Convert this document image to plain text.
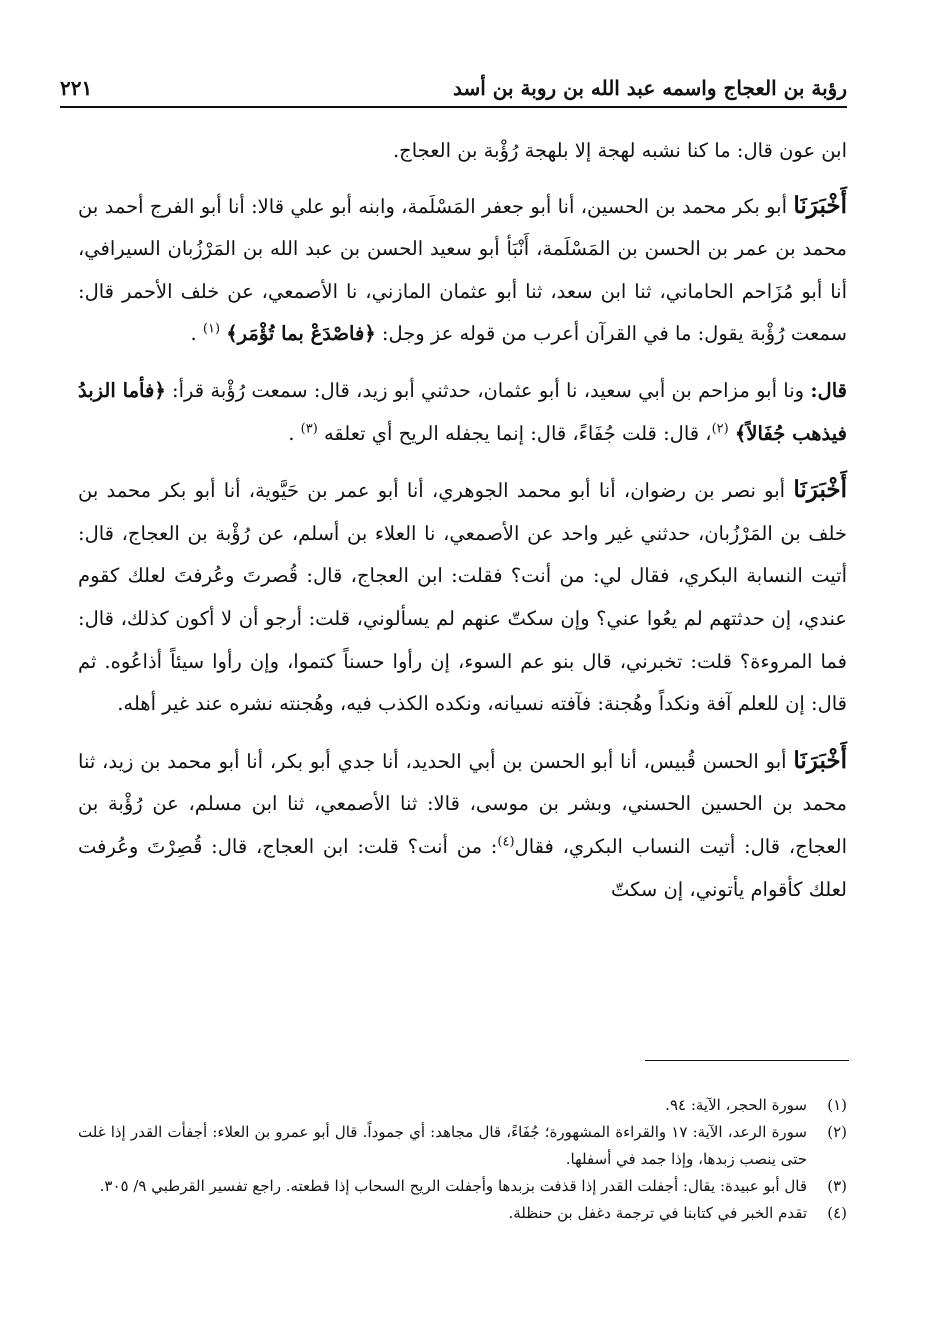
رؤبة بن العجاج واسمه عبد الله بن روبة بن أسد
٢٢١

ابن عون قال: ما كنا نشبه لهجة إلا بلهجة رُؤْبة بن العجاج.

أَخْبَرَنَا أبو بكر محمد بن الحسين، أنا أبو جعفر المَسْلَمة، وابنه أبو علي قالا: أنا أبو الفرج أحمد بن محمد بن عمر بن الحسن بن المَسْلَمة، أَنْبَأ أبو سعيد الحسن بن عبد الله بن المَرْزُبان السيرافي، أنا أبو مُزَاحم الحاماني، ثنا ابن سعد، ثنا أبو عثمان المازني، نا الأصمعي، عن خلف الأحمر قال: سمعت رُؤْبة يقول: ما في القرآن أعرب من قوله عز وجل: ﴿فاصْدَعْ بما تُؤْمَر﴾ $^{(١)}$ .

قال: ونا أبو مزاحم بن أبي سعيد، نا أبو عثمان، حدثني أبو زيد، قال: سمعت رُؤْبة قرأ: ﴿فأما الزبدُ فيذهب جُفَالاً﴾ $^{(٢)}$، قال: قلت جُفَاءً، قال: إنما يجفله الريح أي تعلقه $^{(٣)}$ .

أَخْبَرَنَا أبو نصر بن رضوان، أنا أبو محمد الجوهري، أنا أبو عمر بن حَيَّوية، أنا أبو بكر محمد بن خلف بن المَرْزُبان، حدثني غير واحد عن الأصمعي، نا العلاء بن أسلم، عن رُؤْبة بن العجاج، قال: أتيت النسابة البكري، فقال لي: من أنت؟ فقلت: ابن العجاج، قال: قُصرتَ وعُرفتَ لعلك كقوم عندي، إن حدثتهم لم يعُوا عني؟ وإن سكتّ عنهم لم يسألوني، قلت: أرجو أن لا أكون كذلك، قال: فما المروءة؟ قلت: تخبرني، قال بنو عم السوء، إن رأوا حسناً كتموا، وإن رأوا سيئاً أذاعُوه. ثم قال: إن للعلم آفة ونكداً وهُجنة: فآفته نسيانه، ونكده الكذب فيه، وهُجنته نشره عند غير أهله.

أَخْبَرَنَا أبو الحسن قُبيس، أنا أبو الحسن بن أبي الحديد، أنا جدي أبو بكر، أنا أبو محمد بن زيد، ثنا محمد بن الحسين الحسني، وبشر بن موسى، قالا: ثنا الأصمعي، ثنا ابن مسلم، عن رُؤْبة بن العجاج، قال: أتيت النساب البكري، فقال$^{(٤)}$: من أنت؟ قلت: ابن العجاج، قال: قُصِرْتَ وعُرفت لعلك كأقوام يأتوني، إن سكتّ

(١)
سورة الحجر، الآية: ٩٤.
(٢)
سورة الرعد، الآية: ١٧ والقراءة المشهورة؛ جُفَاءً، قال مجاهد: أي جموداً. قال أبو عمرو بن العلاء: أجفأت القدر إذا غلت حتى ينصب زبدها، وإذا جمد في أسفلها.
(٣)
قال أبو عبيدة: يقال: أجفلت القدر إذا قذفت بزبدها وأجفلت الريح السحاب إذا قطعته. راجع تفسير القرطبي ٩/ ٣٠٥.
(٤)
تقدم الخبر في كتابنا في ترجمة دغفل بن حنظلة.
